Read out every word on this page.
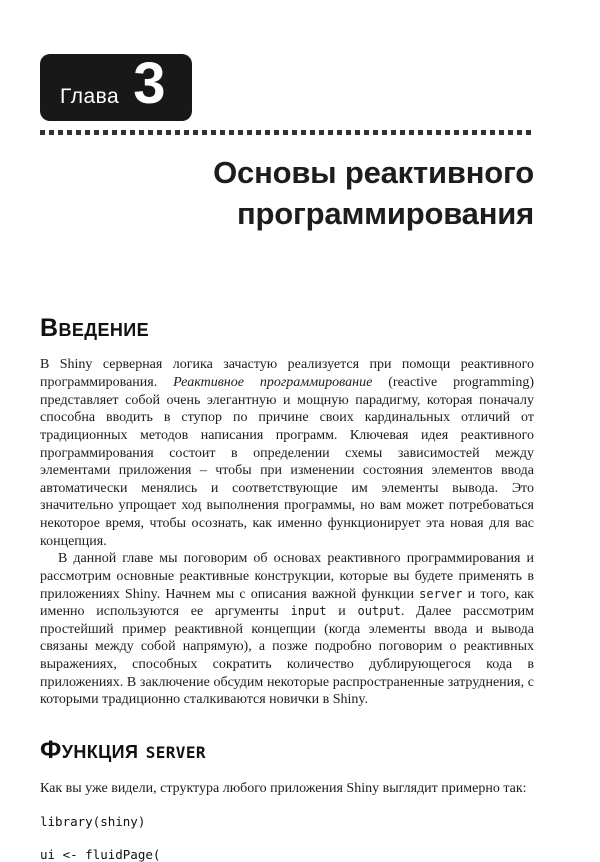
Глава 3
Основы реактивного программирования
Введение

В Shiny серверная логика зачастую реализуется при помощи реактивного программирования. Реактивное программирование (reactive programming) представляет собой очень элегантную и мощную парадигму, которая поначалу способна вводить в ступор по причине своих кардинальных отличий от традиционных методов написания программ. Ключевая идея реактивного программирования состоит в определении схемы зависимостей между элементами приложения – чтобы при изменении состояния элементов ввода автоматически менялись и соответствующие им элементы вывода. Это значительно упрощает ход выполнения программы, но вам может потребоваться некоторое время, чтобы осознать, как именно функционирует эта новая для вас концепция.

В данной главе мы поговорим об основах реактивного программирования и рассмотрим основные реактивные конструкции, которые вы будете применять в приложениях Shiny. Начнем мы с описания важной функции server и того, как именно используются ее аргументы input и output. Далее рассмотрим простейший пример реактивной концепции (когда элементы ввода и вывода связаны между собой напрямую), а позже подробно поговорим о реактивных выражениях, способных сократить количество дублирующегося кода в приложениях. В заключение обсудим некоторые распространенные затруднения, с которыми традиционно сталкиваются новички в Shiny.

Функция server

Как вы уже видели, структура любого приложения Shiny выглядит примерно так:

library(shiny)
ui <- fluidPage(
